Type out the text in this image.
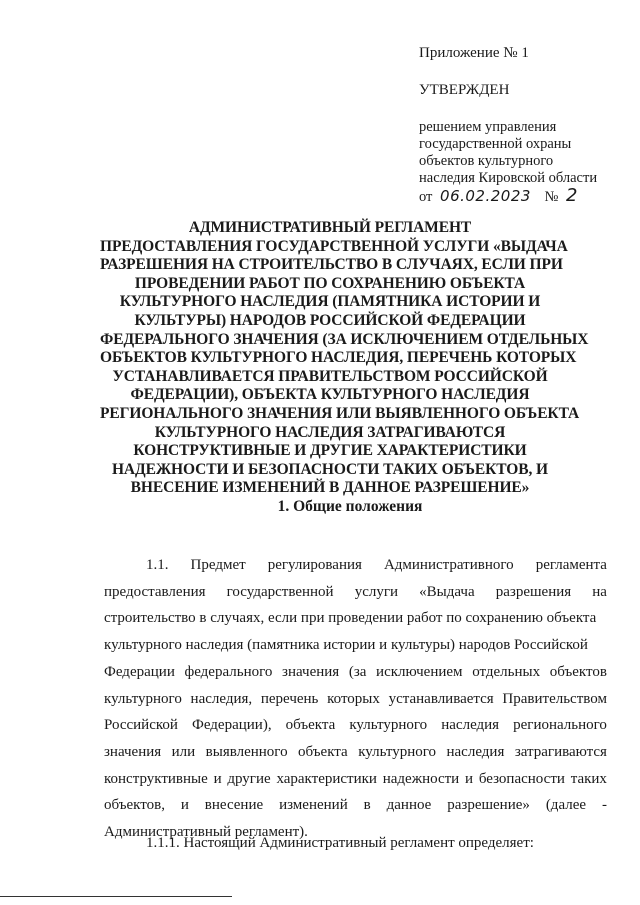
Приложение № 1

УТВЕРЖДЕН

решением управления
государственной охраны
объектов культурного
наследия Кировской области
от 06.02.2023 № 2
АДМИНИСТРАТИВНЫЙ РЕГЛАМЕНТ
ПРЕДОСТАВЛЕНИЯ ГОСУДАРСТВЕННОЙ УСЛУГИ «ВЫДАЧА
РАЗРЕШЕНИЯ НА СТРОИТЕЛЬСТВО В СЛУЧАЯХ, ЕСЛИ ПРИ
ПРОВЕДЕНИИ РАБОТ ПО СОХРАНЕНИЮ ОБЪЕКТА
КУЛЬТУРНОГО НАСЛЕДИЯ (ПАМЯТНИКА ИСТОРИИ И
КУЛЬТУРЫ) НАРОДОВ РОССИЙСКОЙ ФЕДЕРАЦИИ
ФЕДЕРАЛЬНОГО ЗНАЧЕНИЯ (ЗА ИСКЛЮЧЕНИЕМ ОТДЕЛЬНЫХ
ОБЪЕКТОВ КУЛЬТУРНОГО НАСЛЕДИЯ, ПЕРЕЧЕНЬ КОТОРЫХ
УСТАНАВЛИВАЕТСЯ ПРАВИТЕЛЬСТВОМ РОССИЙСКОЙ
ФЕДЕРАЦИИ), ОБЪЕКТА КУЛЬТУРНОГО НАСЛЕДИЯ
РЕГИОНАЛЬНОГО ЗНАЧЕНИЯ ИЛИ ВЫЯВЛЕННОГО ОБЪЕКТА
КУЛЬТУРНОГО НАСЛЕДИЯ ЗАТРАГИВАЮТСЯ
КОНСТРУКТИВНЫЕ И ДРУГИЕ ХАРАКТЕРИСТИКИ
НАДЕЖНОСТИ И БЕЗОПАСНОСТИ ТАКИХ ОБЪЕКТОВ, И
ВНЕСЕНИЕ ИЗМЕНЕНИЙ В ДАННОЕ РАЗРЕШЕНИЕ»
1. Общие положения
1.1. Предмет регулирования Административного регламента
предоставления государственной услуги «Выдача разрешения на
строительство в случаях, если при проведении работ по сохранению объекта
культурного наследия (памятника истории и культуры) народов Российской
Федерации федерального значения (за исключением отдельных объектов
культурного наследия, перечень которых устанавливается Правительством
Российской Федерации), объекта культурного наследия регионального
значения или выявленного объекта культурного наследия затрагиваются
конструктивные и другие характеристики надежности и безопасности таких
объектов, и внесение изменений в данное разрешение» (далее -
Административный регламент).
1.1.1. Настоящий Административный регламент определяет:
